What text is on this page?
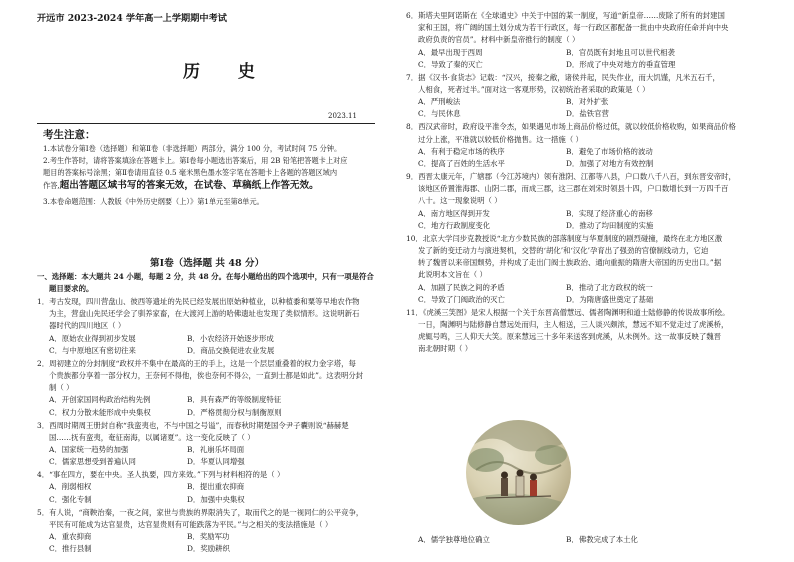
开远市 2023-2024 学年高一上学期期中考试
历 史
2023.11
考生注意：
1.本试卷分第Ⅰ卷（选择题）和第Ⅱ卷（非选择题）两部分，满分 100 分，考试时间 75 分钟。
2.考生作答时，请将答案填涂在答题卡上。第Ⅰ卷每小题选出答案后，用 2B 铅笔把答题卡上对应
题目的答案标号涂黑；第Ⅱ卷请用直径 0.5 毫米黑色墨水签字笔在答题卡上各题的答题区域内
作答,超出答题区域书写的答案无效，在试卷、草稿纸上作答无效。
3.本卷命题范围：人教版《中外历史纲要（上）》第1单元至第8单元。
第Ⅰ卷（选择题 共 48 分）
一、选择题：本大题共 24 小题，每题 2 分，共 48 分。在每小题给出的四个选项中，只有一项是符合
题目要求的。
1．考古发现，四川营盘山、彼西等遗址的先民已经发展出原始种植业，以种植黍和粟等早地农作物
为主，营盘山先民还学会了驯养家畜，在大渡河上游的哈佛遗址也发现了类似情形。这说明新石
器时代的四川地区（ ）
A．原始农业得到初步发展	B．小农经济开始逐步形成
C．与中原地区有密切往来	D．商品交换促进农业发展
2．周初建立的分封制度“政权并不集中在最高的王的手上，这是一个层层重叠着的权力金字塔，每
个贵族都分享着一部分权力，王奈何不得他，俟也奈何不得公，一直到士都是如此”。这表明分封
制（ ）
A．开创家国同构政治结构先例	B．具有森严的等级制度特征
C．权力分散未能形成中央集权	D．严格贯彻分权与制衡原则
3．西周时期周王册封自称“我蛮夷也，不与中国之号谥”，而春秋时期楚国令尹子囊则说“赫赫楚
国……抚有蛮夷，奄征南海，以属诸夏”。这一变化反映了（ ）
A．国家统一趋势的加强	B．礼崩乐坏局面
C．儒家思想受到普遍认同	D．华夏认同增强
4．“事在四方，要在中央。圣人执要，四方来效。”下列与材料相符的是（ ）
A．削弱相权	B．提出重农抑商
C．强化专制	D．加强中央集权
5．有人说，“商鞅治秦，一夜之间，家世与贵族的界限消失了，取而代之的是一视同仁的公平竞争，
平民有可能成为达官显贵，达官显贵则有可能跌落为平民。”与之相关的变法措施是（ ）
A．重农抑商	B．奖励军功
C．推行县制	D．奖励耕织
6．斯塔夫里阿诺斯在《全球通史》中关于中国的某一制度，写道“新皇帝……废除了所有的封建国
家和王国，将广阔的国土划分成为若干行政区，每一行政区都配备一批由中央政府任命并向中央
政府负责的官员”。材料中新皇帝推行的制度（ ）
A．最早出现于西周	B．官员既有封地且可以世代相袭
C．导致了秦的灭亡	D．形成了中央对地方的垂直管理
7．据《汉书·食货志》记载：“汉兴，接秦之敝，诸侯并起，民失作业，而大饥馑，凡米五石千，
人相食，死者过半。”面对这一客观形势，汉初统治者采取的政策是（ ）
A．严刑峻法	B．对外扩张
C．与民休息	D．盐铁官营
8．西汉武帝时，政府设平准令杰，如果遇见市场上商品价格过低，就以较低价格收购，如果商品价格
过分上涨，平准就以较低价格抛售。这一措施（ ）
A．有利于稳定市场的秩序	B．避免了市场价格的波动
C．提高了百姓的生活水平	D．加强了对地方有效控制
9．西晋太康元年，广辖郡（今江苏境内）领有淮阴、江都等八县，户口数八千八百，到东晋安帝时，
该地区侨置淮海郡、山阴二郡，而成三郡，这三郡在刘宋时领县十四，户口数增长到一万四千百
八十。这一现象说明（ ）
A．南方地区得到开发	B．实现了经济重心的南移
C．地方行政制度变化	D．推动了均田制度的实施
10．北京大学闫步克教授说“北方少数民族的部落制度与华夏制度的剧烈碰撞，最终在北方地区激
发了新的变迁动力与演进契机，交替的‘胡化’和‘汉化’孕育出了强劲的官僚制线动力，它迫
转了魏晋以来帝国颓势，并构成了走出门阀士族政治、通向重振的隋唐大帝国的历史出口。”据
此说明本文旨在（ ）
A．加剧了民族之间的矛盾	B．推动了北方政权的统一
C．导致了门阀政治的灭亡	D．为隋唐盛世奠定了基础
11．《虎溪三笑图》是宋人根据一个关于东晋高僧慧远、儒者陶渊明和道士陆修静的传说故事所绘。
一日，陶渊明与陆修静自慧远处而归，主人相送，三人谈兴颇浓，慧远不知不觉走过了虎溪桥，
虎辄号鸣，三人仰天大笑。原来慧远三十多年来送客到虎溪，从未例外。这一故事反映了魏晋
南北朝时期（ ）
A．儒学独尊地位确立	B．佛教完成了本土化
